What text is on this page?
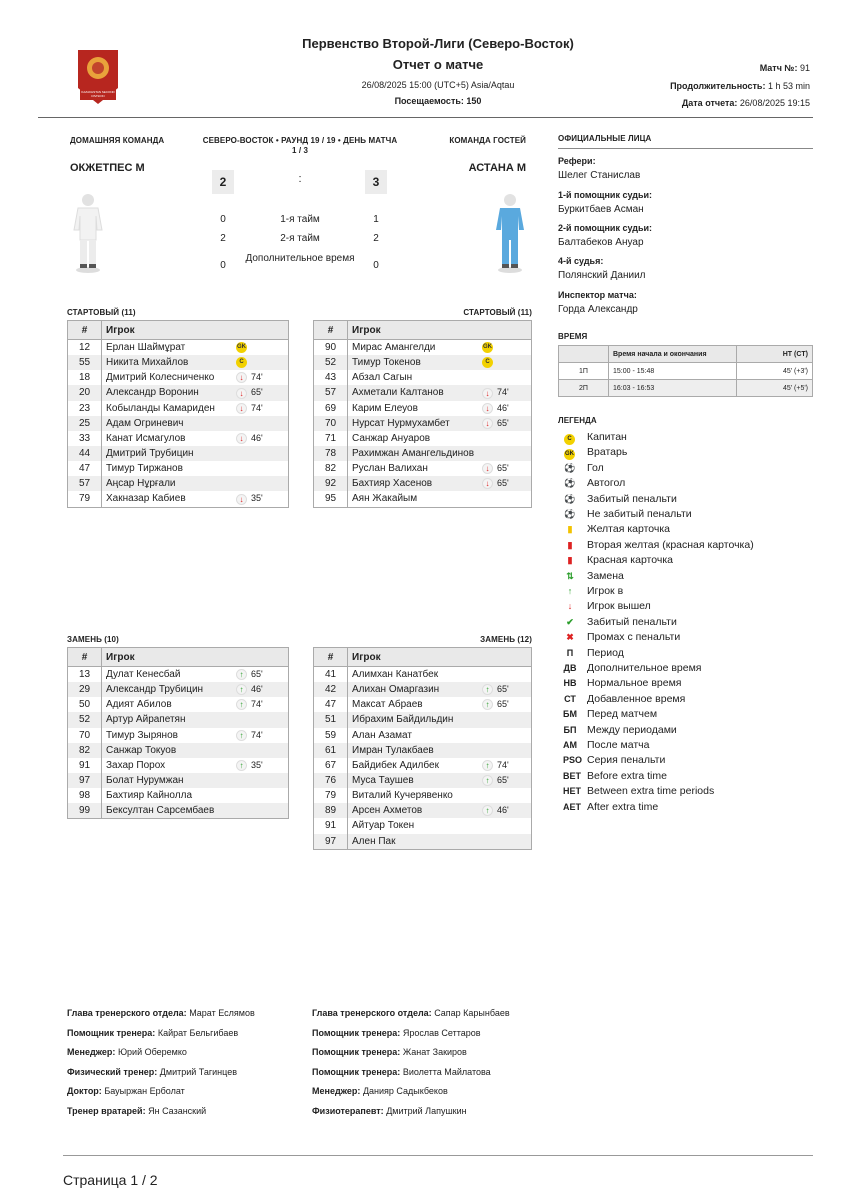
KAZAKHSTAN SECOND DIVISION
Первенство Второй-Лиги (Северо-Восток)
Отчет о матче
26/08/2025 15:00 (UTC+5) Asia/Aqtau
Посещаемость: 150
Матч №: 91
Продолжительность: 1 h 53 min
Дата отчета: 26/08/2025 19:15
ДОМАШНЯЯ КОМАНДА	СЕВЕРО-ВОСТОК • РАУНД 19 / 19 • ДЕНЬ МАТЧА
1 / 3
КОМАНДА ГОСТЕЙ
ОКЖЕТПЕС М	АСТАНА М
2	:	3
0	1-я тайм	1
2	2-я тайм	2
0
Дополнительное время
0
СТАРТОВЫЙ (11)	СТАРТОВЫЙ (11)
ЗАМЕНЬ (10)	ЗАМЕНЬ (12)
#	Игрок
12	Ерлан Шаймұрат GK
55	Никита Михайлов C
18	Дмитрий Колесниченко ↓ 74'
20	Александр Воронин ↓ 65'
23	Кобыланды Камариден ↓ 74'
25	Адам Огриневич
33	Канат Исмагулов ↓ 46'
44	Дмитрий Трубицин
47	Тимур Тиржанов
57	Аңсар Нұрғали
79	Хакназар Кабиев ↓ 35'
#	Игрок
90	Мирас Амангелди GK
52	Тимур Токенов C
43	Абзал Сагын
57	Ахметали Калтанов ↓ 74'
69	Карим Елеуов ↓ 46'
70	Нурсат Нурмухамбет ↓ 65'
71	Санжар Ануаров
78	Рахимжан Амангельдинов
82	Руслан Валихан ↓ 65'
92	Бахтияр Хасенов ↓ 65'
95	Аян Жакайым
#	Игрок
13	Дулат Кенесбай ↑ 65'
29	Александр Трубицин ↑ 46'
50	Адият Абилов ↑ 74'
52	Артур Айрапетян
70	Тимур Зырянов ↑ 74'
82	Санжар Токуов
91	Захар Порох ↑ 35'
97	Болат Нурумжан
98	Бахтияр Кайнолла
99	Бексултан Сарсембаев
#	Игрок
41	Алимхан Канатбек
42	Алихан Омаргазин ↑ 65'
47	Максат Абраев ↑ 65'
51	Ибрахим Байдильдин
59	Алан Азамат
61	Имран Тулакбаев
67	Байдибек Адилбек ↑ 74'
76	Муса Таушев ↑ 65'
79	Виталий Кучерявенко
89	Арсен Ахметов ↑ 46'
91	Айтуар Токен
97	Ален Пак
ОФИЦИАЛЬНЫЕ ЛИЦА
Рефери:
Шелег Станислав
1-й помощник судьи:
Буркитбаев Асман
2-й помощник судьи:
Балтабеков Ануар
4-й судья:
Полянский Даниил
Инспектор матча:
Горда Александр
ВРЕМЯ
	Время начала и окончания	HT (CT)
1П	15:00 - 15:48	45' (+3')
2П	16:03 - 16:53	45' (+5')
ЛЕГЕНДА
C Капитан
GK Вратарь
⚽ Гол
⚽ Автогол
⚽ Забитый пенальти
⚽ Не забитый пенальти
▮ Желтая карточка
▮ Вторая желтая (красная карточка)
▮ Красная карточка
⇅ Замена
↑ Игрок в
↓ Игрок вышел
✔ Забитый пенальти
✖ Промах с пенальти
П Период
ДВ Дополнительное время
НВ Нормальное время
СТ Добавленное время
БМ Перед матчем
БП Между периодами
АМ После матча
PSO Серия пенальти
BET Before extra time
HET Between extra time periods
AET After extra time
Глава тренерского отдела: Марат Еслямов
Помощник тренера: Кайрат Бельгибаев
Менеджер: Юрий Оберемко
Физический тренер: Дмитрий Тагинцев
Доктор: Бауыржан Ерболат
Тренер вратарей: Ян Сазанский
Глава тренерского отдела: Сапар Карынбаев
Помощник тренера: Ярослав Сеттаров
Помощник тренера: Жанат Закиров
Помощник тренера: Виолетта Майлатова
Менеджер: Данияр Садыкбеков
Физиотерапевт: Дмитрий Лапушкин
Страница 1 / 2
